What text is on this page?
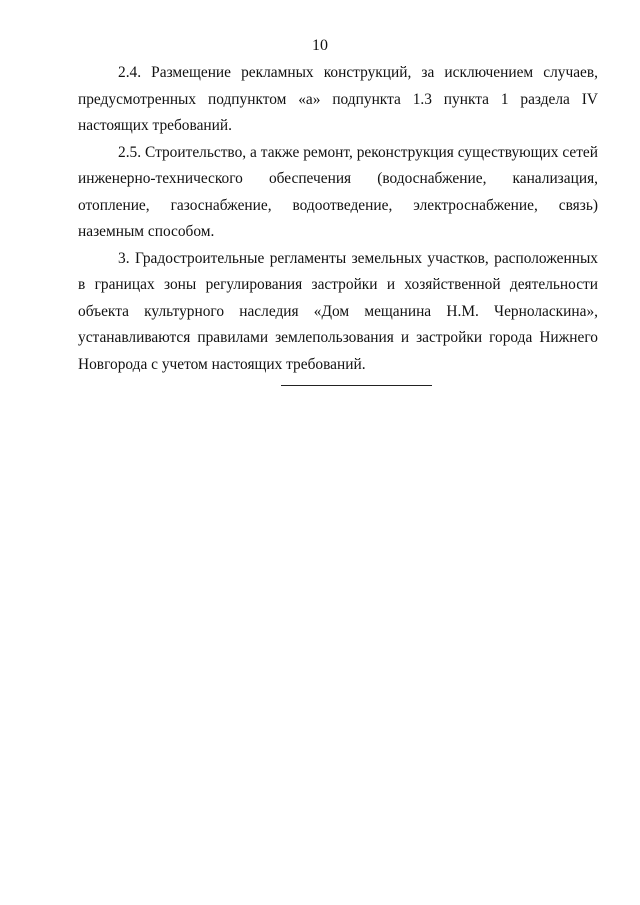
10

2.4. Размещение рекламных конструкций, за исключением случаев, предусмотренных подпунктом «а» подпункта 1.3 пункта 1 раздела IV настоящих требований.

2.5. Строительство, а также ремонт, реконструкция существующих сетей инженерно-технического обеспечения (водоснабжение, канализация, отопление, газоснабжение, водоотведение, электроснабжение, связь) наземным способом.

3. Градостроительные регламенты земельных участков, расположенных в границах зоны регулирования застройки и хозяйственной деятельности объекта культурного наследия «Дом мещанина Н.М. Черноласкина», устанавливаются правилами землепользования и застройки города Нижнего Новгорода с учетом настоящих требований.
